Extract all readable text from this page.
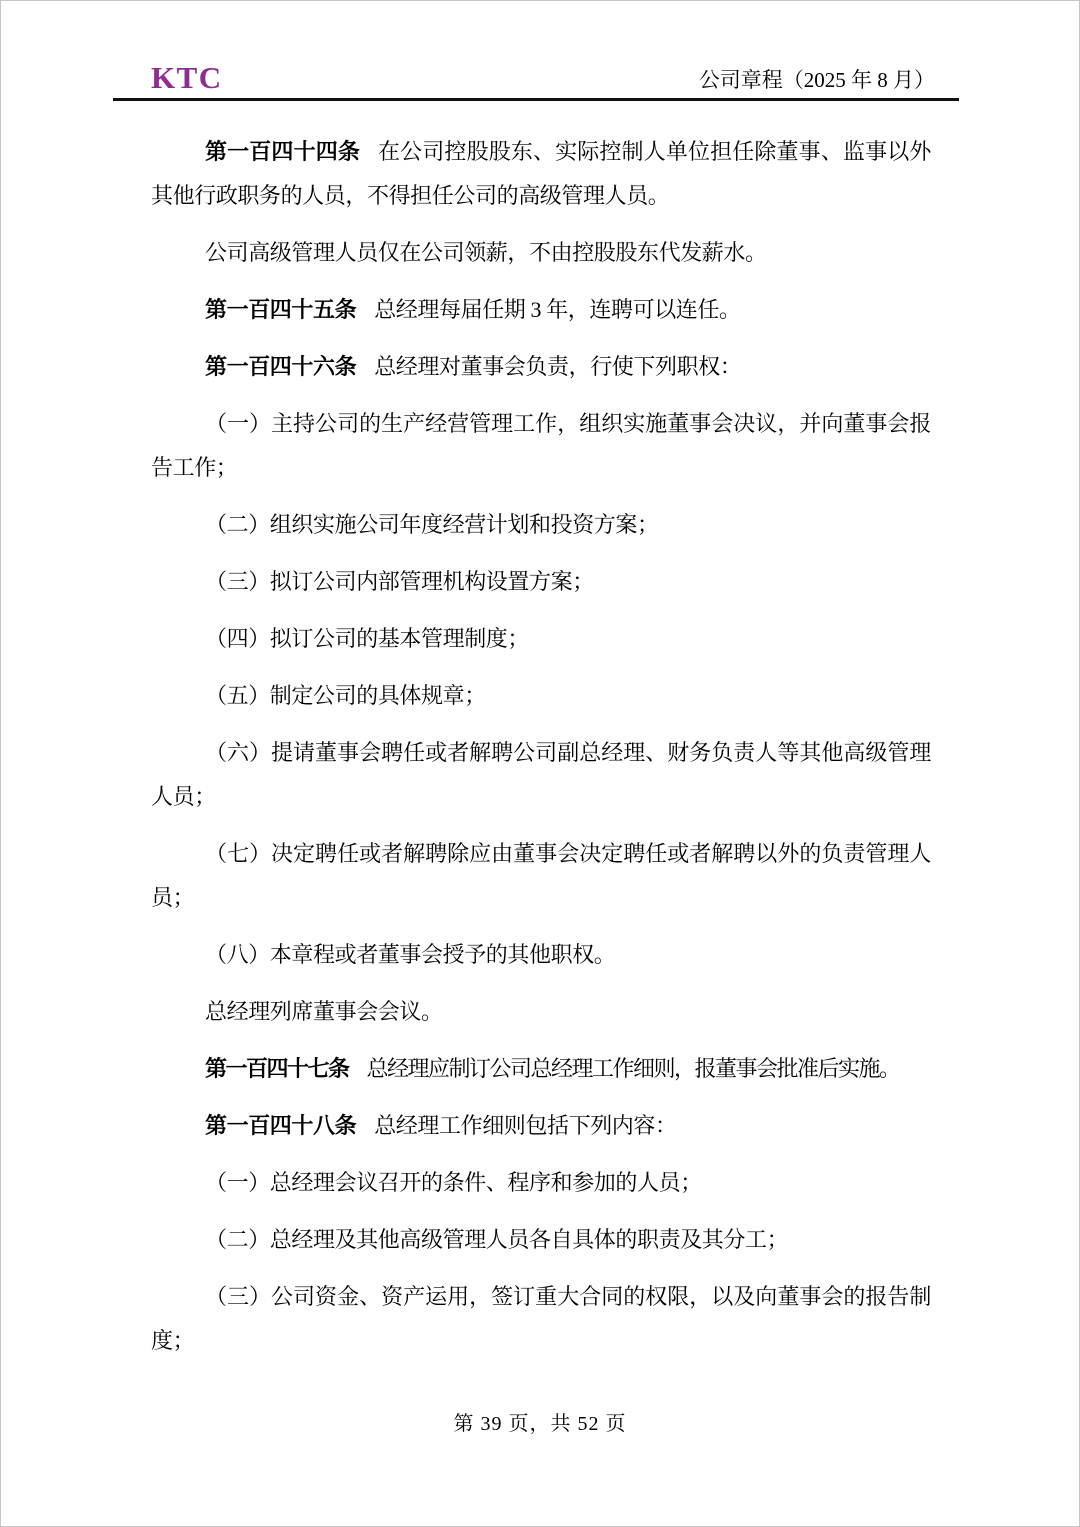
KTC	公司章程（2025 年 8 月）

第一百四十四条 在公司控股股东、实际控制人单位担任除董事、监事以外其他行政职务的人员，不得担任公司的高级管理人员。

公司高级管理人员仅在公司领薪，不由控股股东代发薪水。

第一百四十五条 总经理每届任期 3 年，连聘可以连任。

第一百四十六条 总经理对董事会负责，行使下列职权：

（一）主持公司的生产经营管理工作，组织实施董事会决议，并向董事会报告工作；

（二）组织实施公司年度经营计划和投资方案；

（三）拟订公司内部管理机构设置方案；

（四）拟订公司的基本管理制度；

（五）制定公司的具体规章；

（六）提请董事会聘任或者解聘公司副总经理、财务负责人等其他高级管理人员；

（七）决定聘任或者解聘除应由董事会决定聘任或者解聘以外的负责管理人员；

（八）本章程或者董事会授予的其他职权。

总经理列席董事会会议。

第一百四十七条 总经理应制订公司总经理工作细则，报董事会批准后实施。

第一百四十八条 总经理工作细则包括下列内容：

（一）总经理会议召开的条件、程序和参加的人员；

（二）总经理及其他高级管理人员各自具体的职责及其分工；

（三）公司资金、资产运用，签订重大合同的权限，以及向董事会的报告制度；

第 39 页，共 52 页
